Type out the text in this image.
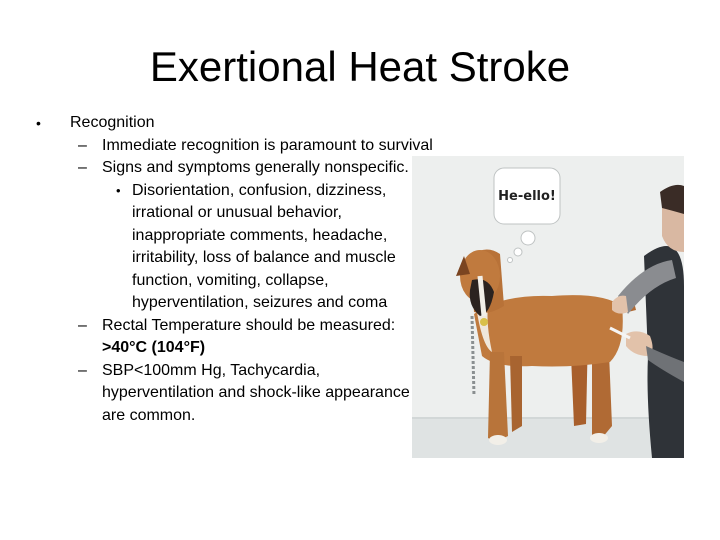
Exertional Heat Stroke
• Recognition
– Immediate recognition is paramount to survival
– Signs and symptoms generally nonspecific.
• Disorientation, confusion, dizziness, irrational or unusual behavior, inappropriate comments, headache, irritability, loss of balance and muscle function, vomiting, collapse, hyperventilation, seizures and coma
– Rectal Temperature should be measured: >40°C (104°F)
– SBP<100mm Hg, Tachycardia, hyperventilation and shock-like appearance are common.
He-ello!
